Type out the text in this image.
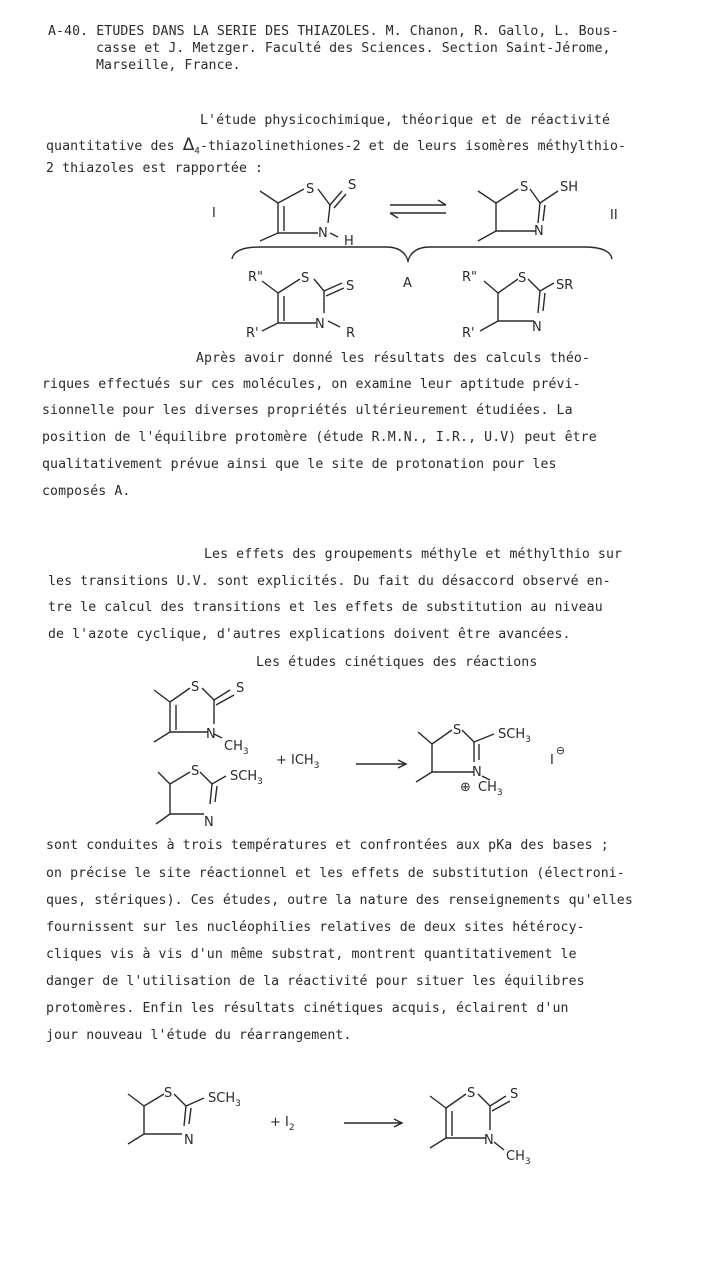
A-40. ETUDES DANS LA SERIE DES THIAZOLES. M. Chanon, R. Gallo, L. Bous-
casse et J. Metzger. Faculté des Sciences. Section Saint-Jérome,
Marseille, France.
L'étude physicochimique, théorique et de réactivité
quantitative des $\Delta_4-thiazolinethiones-2$ et de leurs isomères méthylthio-
2 thiazoles est rapportée :
I
S	S
N
H
S SH
N
II
A
R"	S
S
N
R
R'
R"	S SR
N
R'
Après avoir donné les résultats des calculs théo-
riques effectués sur ces molécules, on examine leur aptitude prévi-
sionnelle pour les diverses propriétés ultérieurement étudiées. La
position de l'équilibre protomère (étude R.M.N., I.R., U.V) peut être
qualitativement prévue ainsi que le site de protonation pour les
composés A.
Les effets des groupements méthyle et méthylthio sur
les transitions U.V. sont explicités. Du fait du désaccord observé en-
tre le calcul des transitions et les effets de substitution au niveau
de l'azote cyclique, d'autres explications doivent être avancées.
Les études cinétiques des réactions
S	S
N
$CH_3$
+ $ICH_3$
S $SCH_3$
N
S	$SCH_3$
N
⊕ $CH_3$
I⊖
sont conduites à trois températures et confrontées aux pKa des bases ;
on précise le site réactionnel et les effets de substitution (électroni-
ques, stériques). Ces études, outre la nature des renseignements qu'elles
fournissent sur les nucléophilies relatives de deux sites hétérocy-
cliques vis à vis d'un même substrat, montrent quantitativement le
danger de l'utilisation de la réactivité pour situer les équilibres
protomères. Enfin les résultats cinétiques acquis, éclairent d'un
jour nouveau l'étude du réarrangement.
S	$SCH_3$
N
+ $I_2$
S	S
N
$CH_3$
